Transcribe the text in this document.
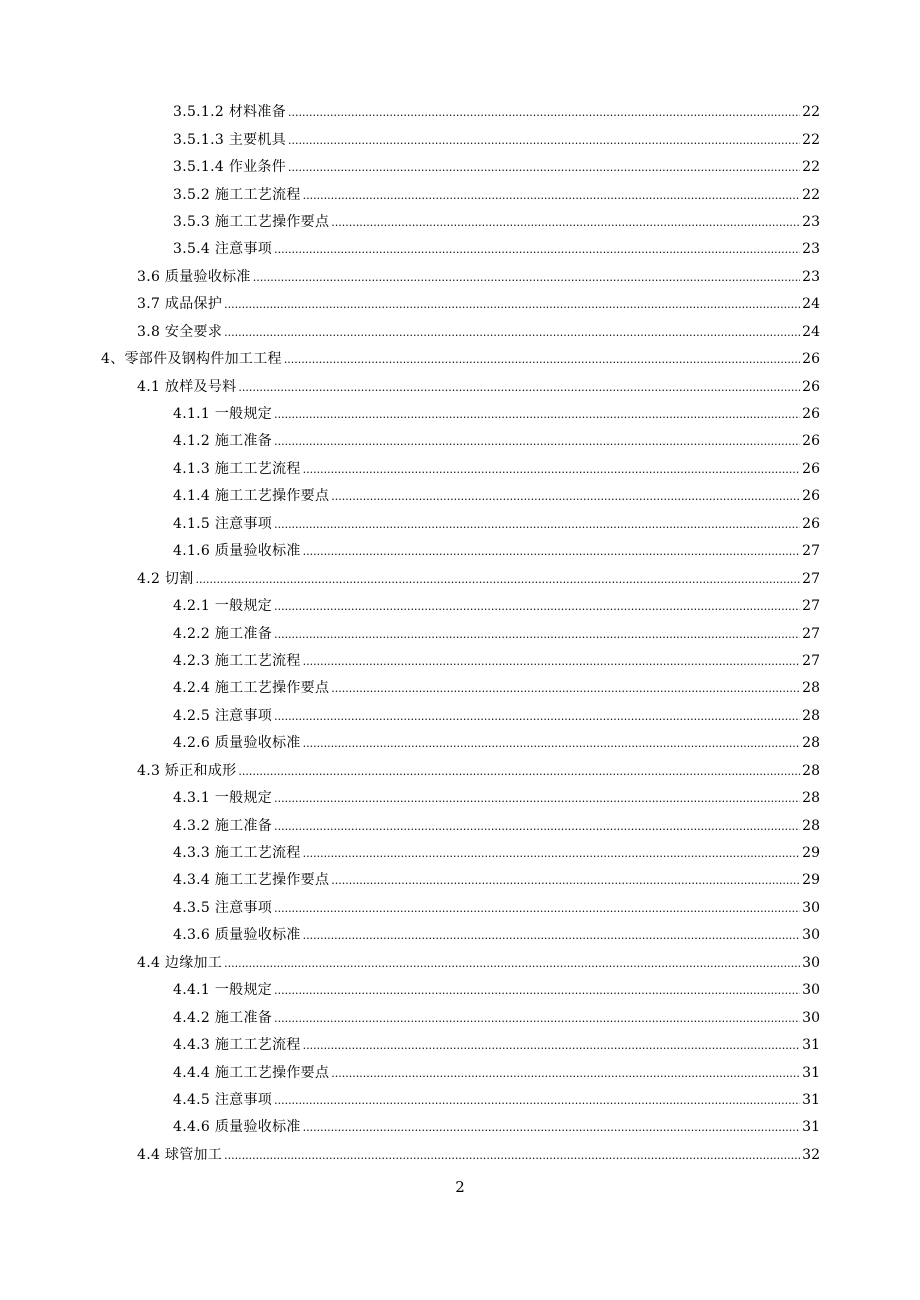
3.5.1.2 材料准备 .....	22
3.5.1.3 主要机具 .....	22
3.5.1.4 作业条件 .....	22
3.5.2 施工工艺流程 .....	22
3.5.3 施工工艺操作要点 .....	23
3.5.4 注意事项 .....	23
3.6 质量验收标准 .....	23
3.7 成品保护 .....	24
3.8 安全要求 .....	24
4、零部件及钢构件加工工程 .....	26
4.1 放样及号料 .....	26
4.1.1 一般规定 .....	26
4.1.2 施工准备 .....	26
4.1.3 施工工艺流程 .....	26
4.1.4 施工工艺操作要点 .....	26
4.1.5 注意事项 .....	26
4.1.6 质量验收标准 .....	27
4.2 切割 .....	27
4.2.1 一般规定 .....	27
4.2.2 施工准备 .....	27
4.2.3 施工工艺流程 .....	27
4.2.4 施工工艺操作要点 .....	28
4.2.5 注意事项 .....	28
4.2.6 质量验收标准 .....	28
4.3 矫正和成形 .....	28
4.3.1 一般规定 .....	28
4.3.2 施工准备 .....	28
4.3.3 施工工艺流程 .....	29
4.3.4 施工工艺操作要点 .....	29
4.3.5 注意事项 .....	30
4.3.6 质量验收标准 .....	30
4.4 边缘加工 .....	30
4.4.1 一般规定 .....	30
4.4.2 施工准备 .....	30
4.4.3 施工工艺流程 .....	31
4.4.4 施工工艺操作要点 .....	31
4.4.5 注意事项 .....	31
4.4.6 质量验收标准 .....	31
4.4 球管加工 .....	32
2
